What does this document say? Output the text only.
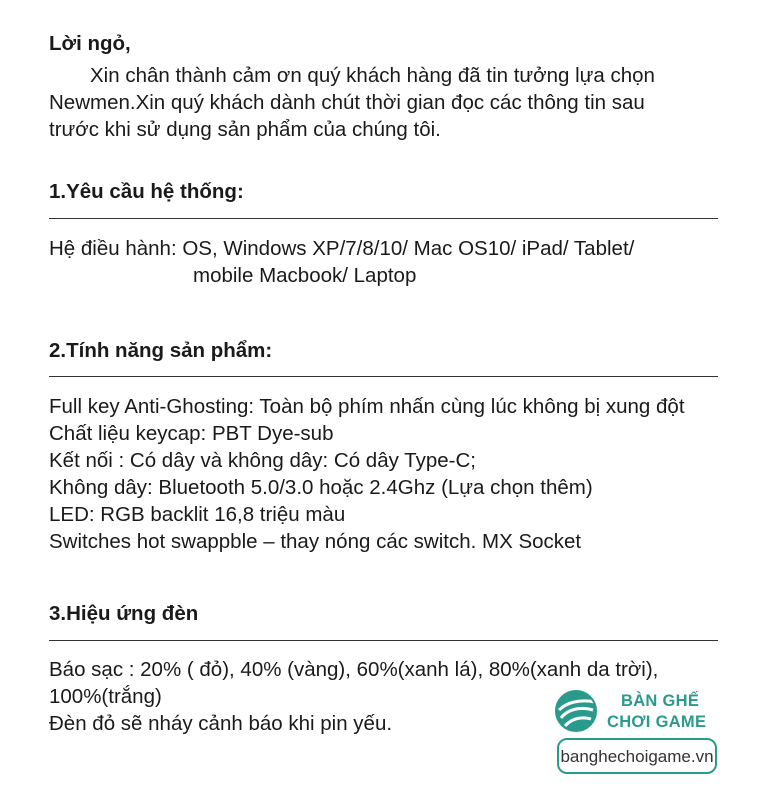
Lời ngỏ,
Xin chân thành cảm ơn quý khách hàng đã tin tưởng lựa chọn
Newmen.Xin quý khách dành chút thời gian đọc các thông tin sau
trước khi sử dụng sản phẩm của chúng tôi.
1.Yêu cầu hệ thống:
Hệ điều hành: OS, Windows XP/7/8/10/ Mac OS10/ iPad/ Tablet/
mobile Macbook/ Laptop
2.Tính năng sản phẩm:
Full key Anti-Ghosting: Toàn bộ phím nhấn cùng lúc không bị xung đột
Chất liệu keycap: PBT Dye-sub
Kết nối : Có dây và không dây: Có dây Type-C;
Không dây: Bluetooth 5.0/3.0 hoặc 2.4Ghz (Lựa chọn thêm)
LED: RGB backlit 16,8 triệu màu
Switches hot swappble – thay nóng các switch. MX Socket
3.Hiệu ứng đèn
Báo sạc : 20% ( đỏ), 40% (vàng), 60%(xanh lá), 80%(xanh da trời),
100%(trắng)
Đèn đỏ sẽ nháy cảnh báo khi pin yếu.
BÀN GHẾ
CHƠI GAME
banghechoigame.vn
